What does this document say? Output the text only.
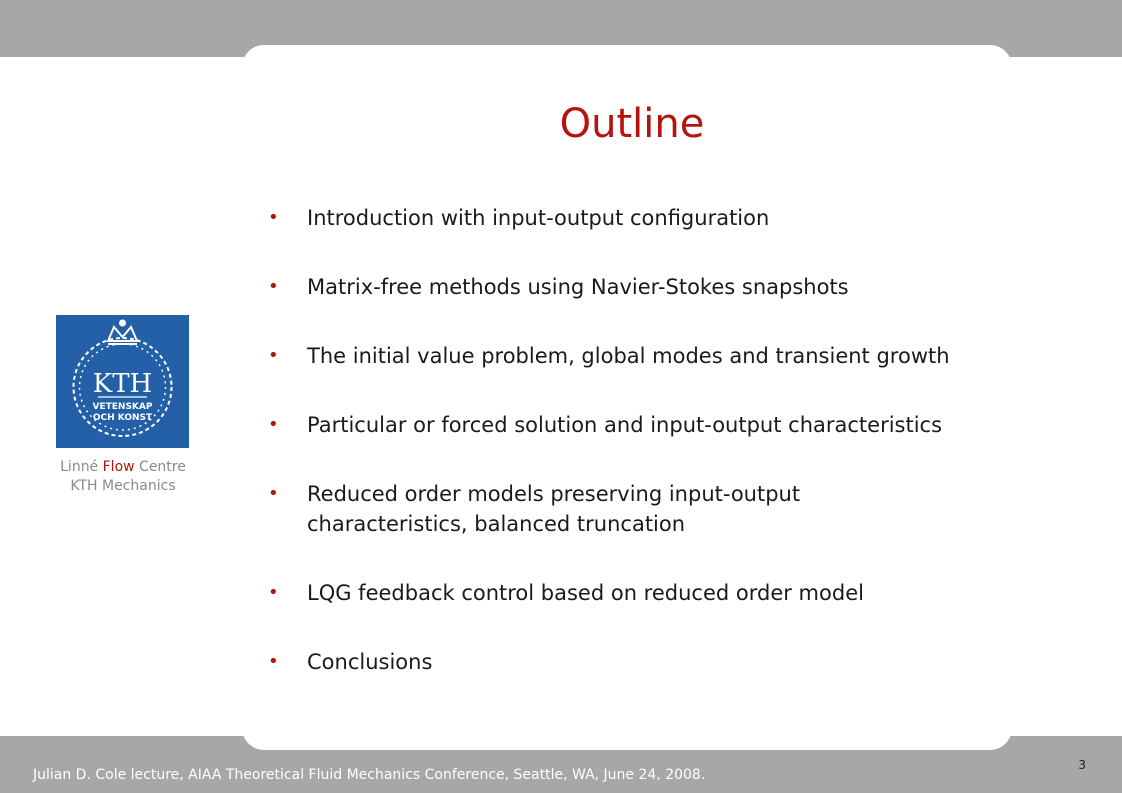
Outline
• Introduction with input-output configuration
• Matrix-free methods using Navier-Stokes snapshots
• The initial value problem, global modes and transient growth
• Particular or forced solution and input-output characteristics
• Reduced order models preserving input-output
characteristics, balanced truncation
• LQG feedback control based on reduced order model
• Conclusions
KTH
VETENSKAP
OCH KONST
Linné Flow Centre
KTH Mechanics
Julian D. Cole lecture, AIAA Theoretical Fluid Mechanics Conference, Seattle, WA, June 24, 2008.
3
